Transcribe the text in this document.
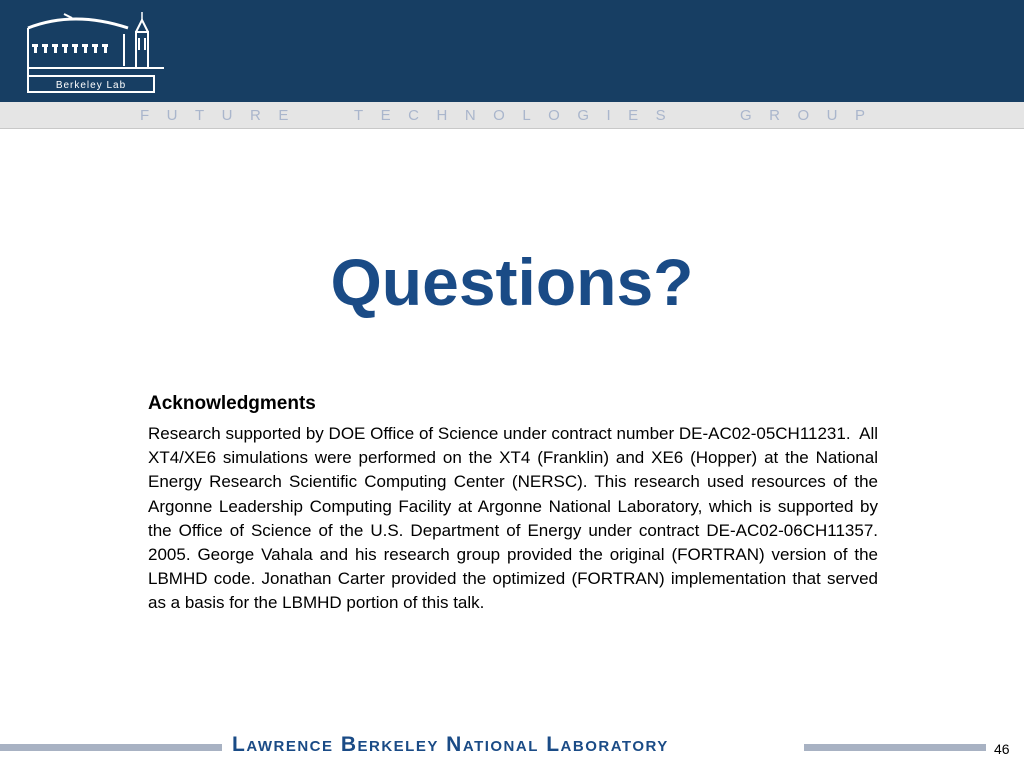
Berkeley Lab
FUTURE	TECHNOLOGIES	GROUP
Questions?
Acknowledgments

Research supported by DOE Office of Science under contract number DE-AC02-05CH11231.  All XT4/XE6 simulations were performed on the XT4 (Franklin) and XE6 (Hopper) at the National Energy Research Scientific Computing Center (NERSC). This research used resources of the Argonne Leadership Computing Facility at Argonne National Laboratory, which is supported by the Office of Science of the U.S. Department of Energy under contract DE-AC02-06CH11357. 2005. George Vahala and his research group provided the original (FORTRAN) version of the LBMHD code. Jonathan Carter provided the optimized (FORTRAN) implementation that served as a basis for the LBMHD portion of this talk.

Lawrence Berkeley National Laboratory	46
